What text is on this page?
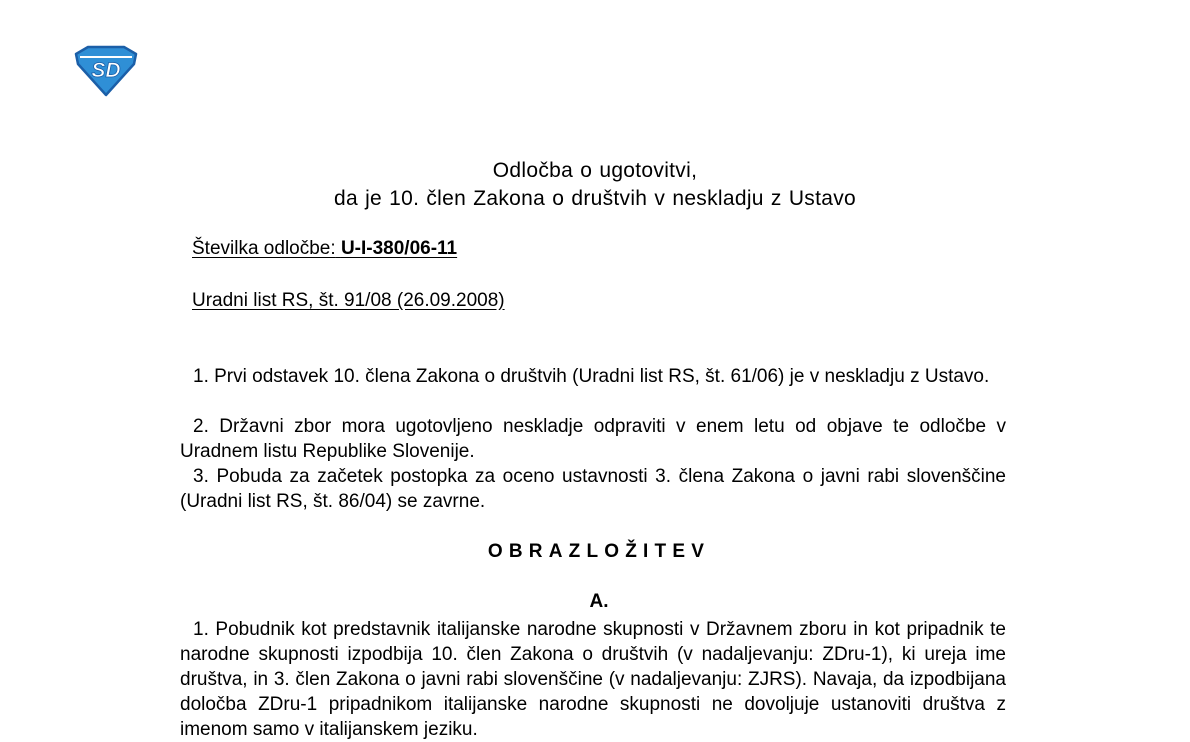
SD
Odločba o ugotovitvi,
da je 10. člen Zakona o društvih v neskladju z Ustavo
Številka odločbe: U-I-380/06-11
Uradni list RS, št. 91/08 (26.09.2008)
1. Prvi odstavek 10. člena Zakona o društvih (Uradni list RS, št. 61/06) je v neskladju z Ustavo.
2. Državni zbor mora ugotovljeno neskladje odpraviti v enem letu od objave te odločbe v Uradnem listu Republike Slovenije.
3. Pobuda za začetek postopka za oceno ustavnosti 3. člena Zakona o javni rabi slovenščine (Uradni list RS, št. 86/04) se zavrne.
OBRAZLOŽITEV
A.
1. Pobudnik kot predstavnik italijanske narodne skupnosti v Državnem zboru in kot pripadnik te narodne skupnosti izpodbija 10. člen Zakona o društvih (v nadaljevanju: ZDru-1), ki ureja ime društva, in 3. člen Zakona o javni rabi slovenščine (v nadaljevanju: ZJRS). Navaja, da izpodbijana določba ZDru-1 pripadnikom italijanske narodne skupnosti ne dovoljuje ustanoviti društva z imenom samo v italijanskem jeziku.
